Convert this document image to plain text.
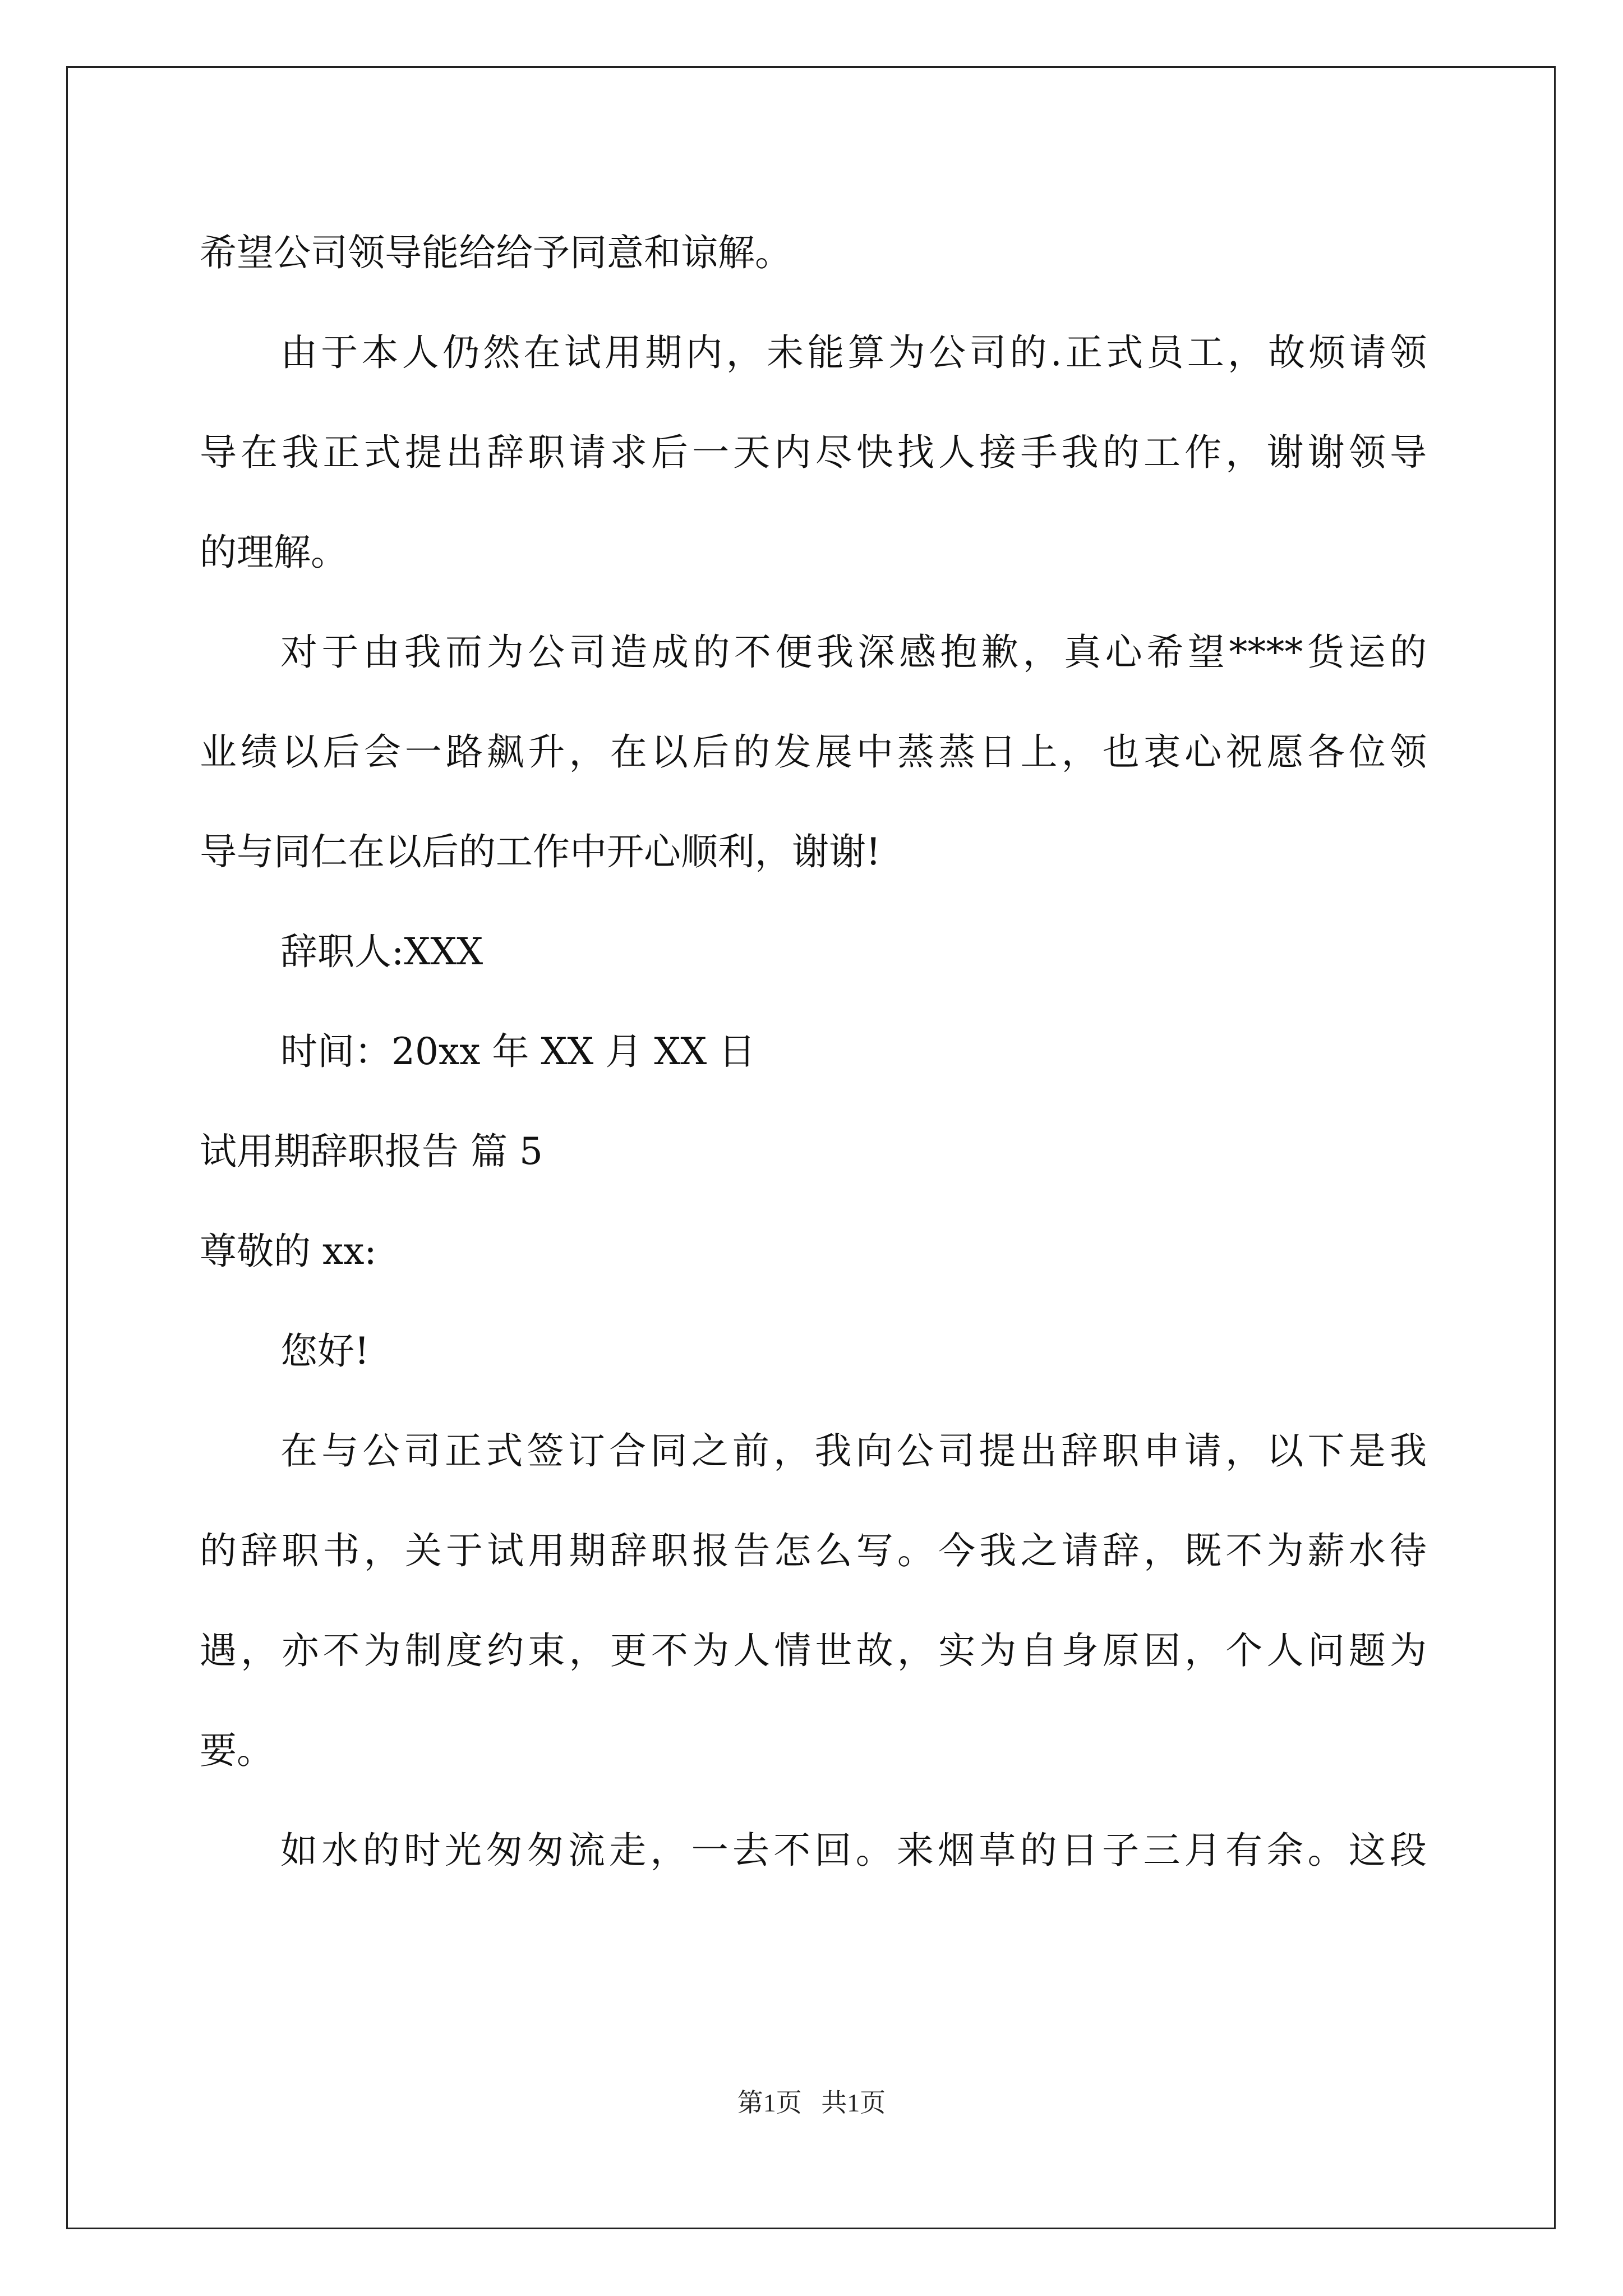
希望公司领导能给给予同意和谅解。
由于本人仍然在试用期内，未能算为公司的.正式员工，故烦请领
导在我正式提出辞职请求后一天内尽快找人接手我的工作，谢谢领导
的理解。
对于由我而为公司造成的不便我深感抱歉，真心希望****货运的
业绩以后会一路飙升，在以后的发展中蒸蒸日上，也衷心祝愿各位领
导与同仁在以后的工作中开心顺利，谢谢!
辞职人:XXX
时间：20xx 年 XX 月 XX 日
试用期辞职报告 篇 5
尊敬的 xx:
您好!
在与公司正式签订合同之前，我向公司提出辞职申请，以下是我
的辞职书，关于试用期辞职报告怎么写。今我之请辞，既不为薪水待
遇，亦不为制度约束，更不为人情世故，实为自身原因，个人问题为
要。
如水的时光匆匆流走，一去不回。来烟草的日子三月有余。这段
第1页   共1页
